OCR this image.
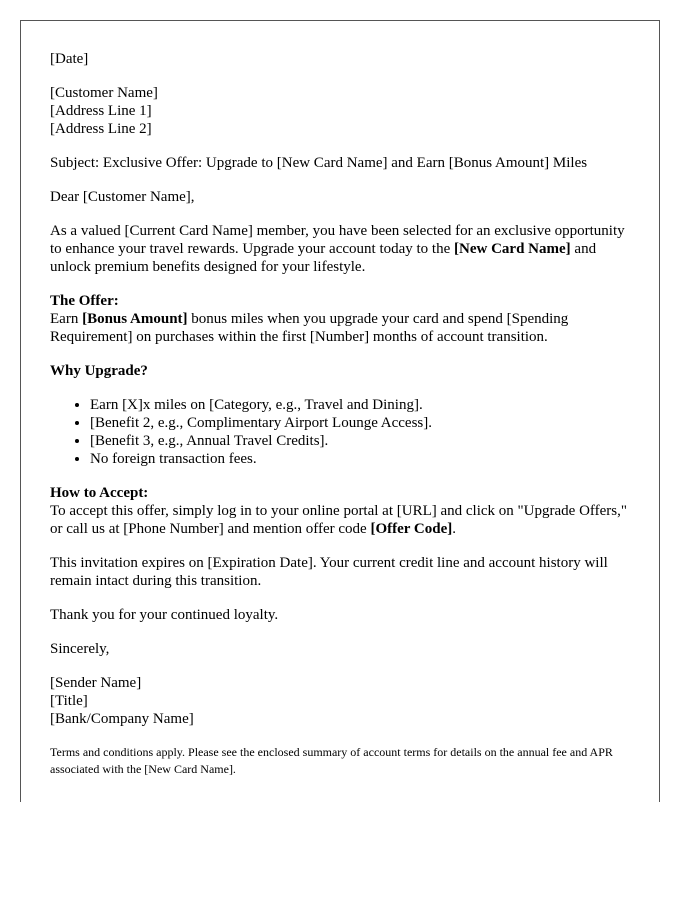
[Date]

[Customer Name]
[Address Line 1]
[Address Line 2]

Subject: Exclusive Offer: Upgrade to [New Card Name] and Earn [Bonus Amount] Miles

Dear [Customer Name],

As a valued [Current Card Name] member, you have been selected for an exclusive opportunity to enhance your travel rewards. Upgrade your account today to the [New Card Name] and unlock premium benefits designed for your lifestyle.

The Offer:

Earn [Bonus Amount] bonus miles when you upgrade your card and spend [Spending Requirement] on purchases within the first [Number] months of account transition.

Why Upgrade?

• Earn [X]x miles on [Category, e.g., Travel and Dining].
• [Benefit 2, e.g., Complimentary Airport Lounge Access].
• [Benefit 3, e.g., Annual Travel Credits].
• No foreign transaction fees.

How to Accept:

To accept this offer, simply log in to your online portal at [URL] and click on "Upgrade Offers," or call us at [Phone Number] and mention offer code [Offer Code].

This invitation expires on [Expiration Date]. Your current credit line and account history will remain intact during this transition.

Thank you for your continued loyalty.

Sincerely,

[Sender Name]
[Title]
[Bank/Company Name]

Terms and conditions apply. Please see the enclosed summary of account terms for details on the annual fee and APR associated with the [New Card Name].
